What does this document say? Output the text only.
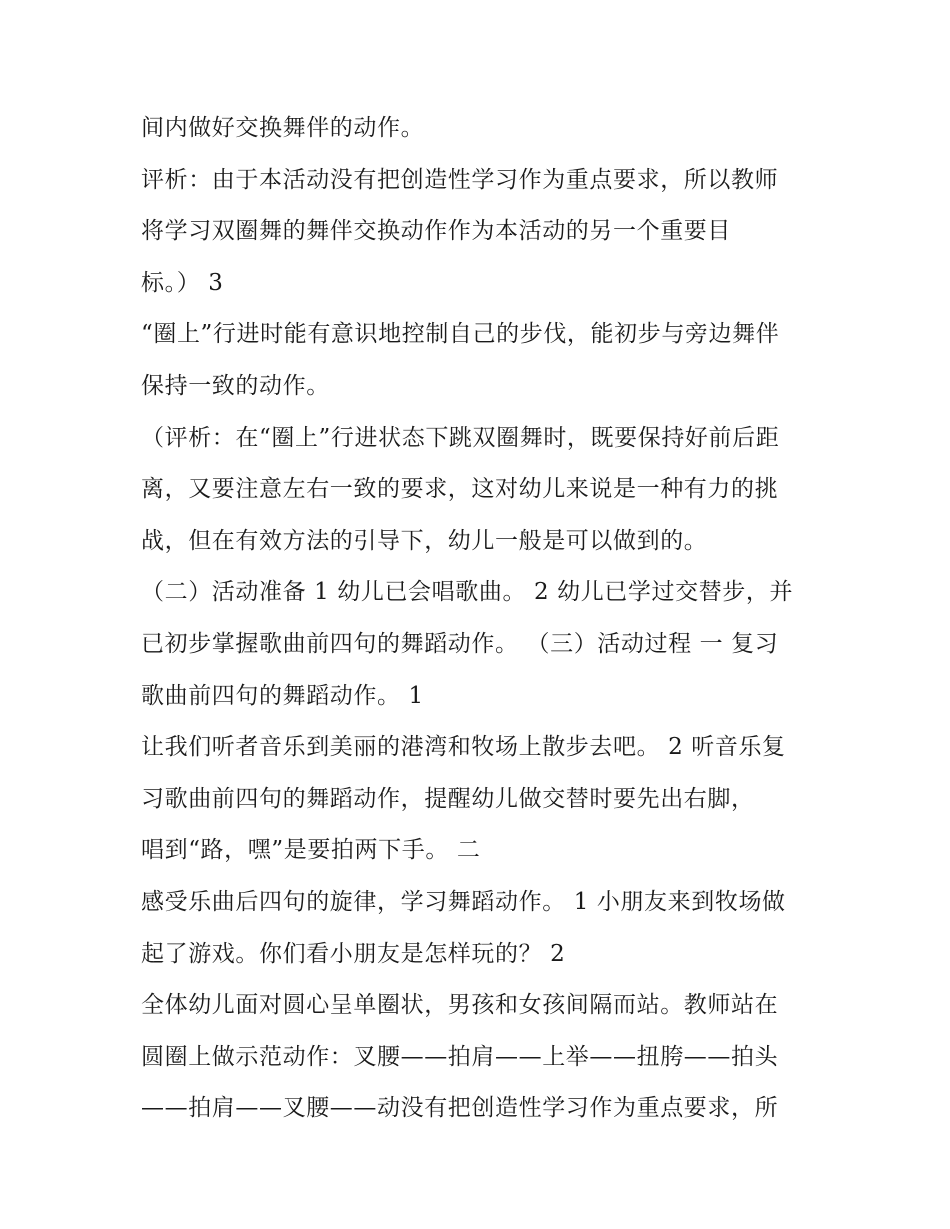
间内做好交换舞伴的动作。
评析：由于本活动没有把创造性学习作为重点要求，所以教师
将学习双圈舞的舞伴交换动作作为本活动的另一个重要目
标。） 3
“圈上”行进时能有意识地控制自己的步伐，能初步与旁边舞伴
保持一致的动作。
（评析：在“圈上”行进状态下跳双圈舞时，既要保持好前后距
离，又要注意左右一致的要求，这对幼儿来说是一种有力的挑
战，但在有效方法的引导下，幼儿一般是可以做到的。
（二）活动准备 1 幼儿已会唱歌曲。 2 幼儿已学过交替步，并
已初步掌握歌曲前四句的舞蹈动作。 （三）活动过程 一 复习
歌曲前四句的舞蹈动作。 1
让我们听者音乐到美丽的港湾和牧场上散步去吧。 2 听音乐复
习歌曲前四句的舞蹈动作，提醒幼儿做交替时要先出右脚，
唱到“路，嘿”是要拍两下手。 二
感受乐曲后四句的旋律，学习舞蹈动作。 1 小朋友来到牧场做
起了游戏。你们看小朋友是怎样玩的？ 2
全体幼儿面对圆心呈单圈状，男孩和女孩间隔而站。教师站在
圆圈上做示范动作：叉腰——拍肩——上举——扭胯——拍头
——拍肩——叉腰——动没有把创造性学习作为重点要求，所
